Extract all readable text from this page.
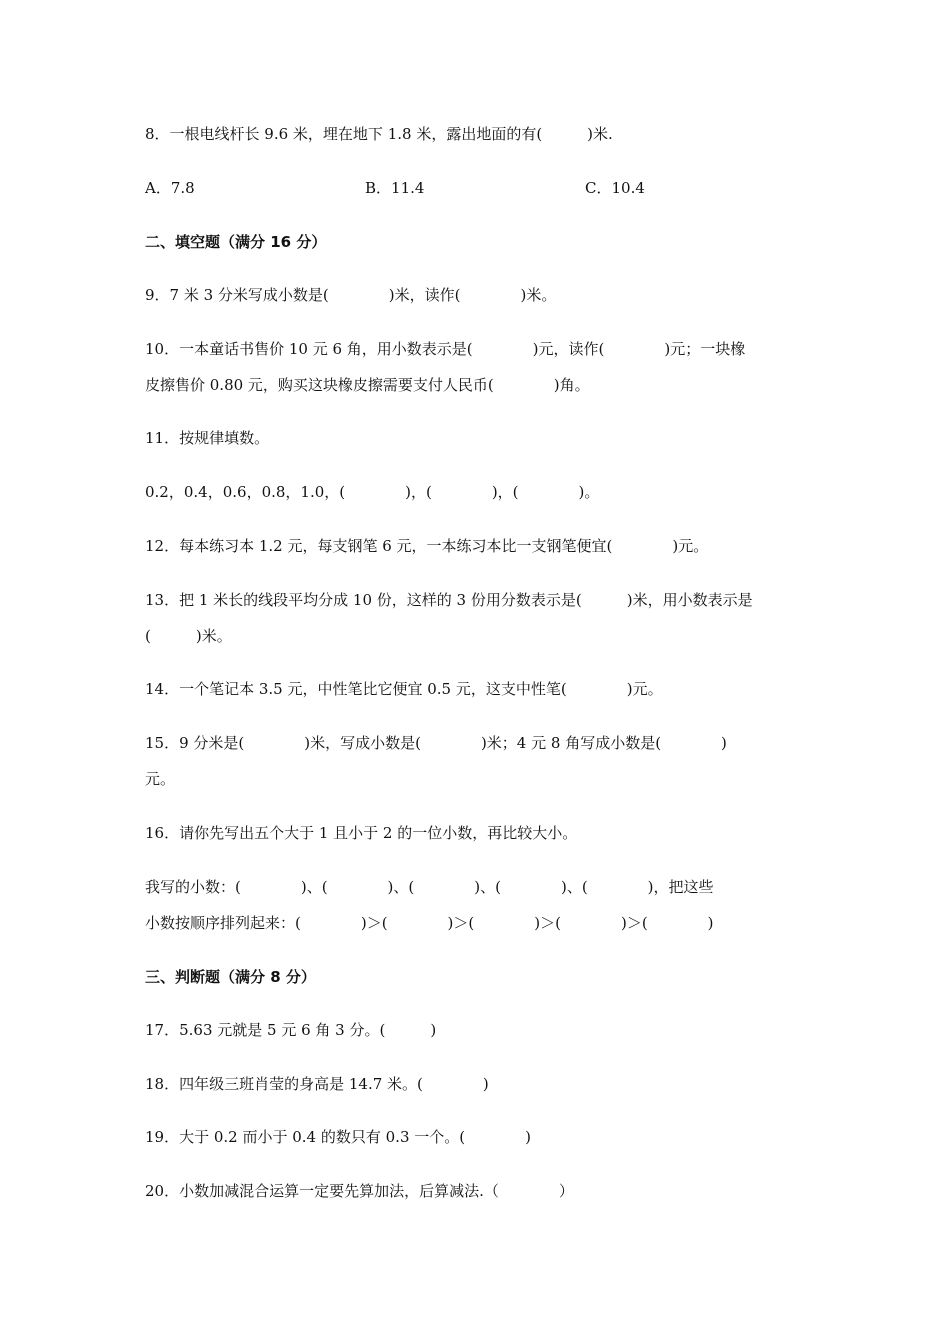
8．一根电线杆长 9.6 米，埋在地下 1.8 米，露出地面的有(　　　)米.
A．7.8	B．11.4	C．10.4
二、填空题（满分 16 分）
9．7 米 3 分米写成小数是(　　　　)米，读作(　　　　)米。
10．一本童话书售价 10 元 6 角，用小数表示是(　　　　)元，读作(　　　　)元；一块橡
皮擦售价 0.80 元，购买这块橡皮擦需要支付人民币(　　　　)角。
11．按规律填数。
0.2，0.4，0.6，0.8，1.0，(　　　　)，(　　　　)，(　　　　)。
12．每本练习本 1.2 元，每支钢笔 6 元，一本练习本比一支钢笔便宜(　　　　)元。
13．把 1 米长的线段平均分成 10 份，这样的 3 份用分数表示是(　　　)米，用小数表示是
(　　　)米。
14．一个笔记本 3.5 元，中性笔比它便宜 0.5 元，这支中性笔(　　　　)元。
15．9 分米是(　　　　)米，写成小数是(　　　　)米；4 元 8 角写成小数是(　　　　)
元。
16．请你先写出五个大于 1 且小于 2 的一位小数，再比较大小。
我写的小数：(　　　　)、(　　　　)、(　　　　)、(　　　　)、(　　　　)，把这些
小数按顺序排列起来：(　　　　)＞(　　　　)＞(　　　　)＞(　　　　)＞(　　　　)
三、判断题（满分 8 分）
17．5.63 元就是 5 元 6 角 3 分。(　　　)
18．四年级三班肖莹的身高是 14.7 米。(　　　　)
19．大于 0.2 而小于 0.4 的数只有 0.3 一个。(　　　　)
20．小数加减混合运算一定要先算加法，后算减法.（　　　　）
